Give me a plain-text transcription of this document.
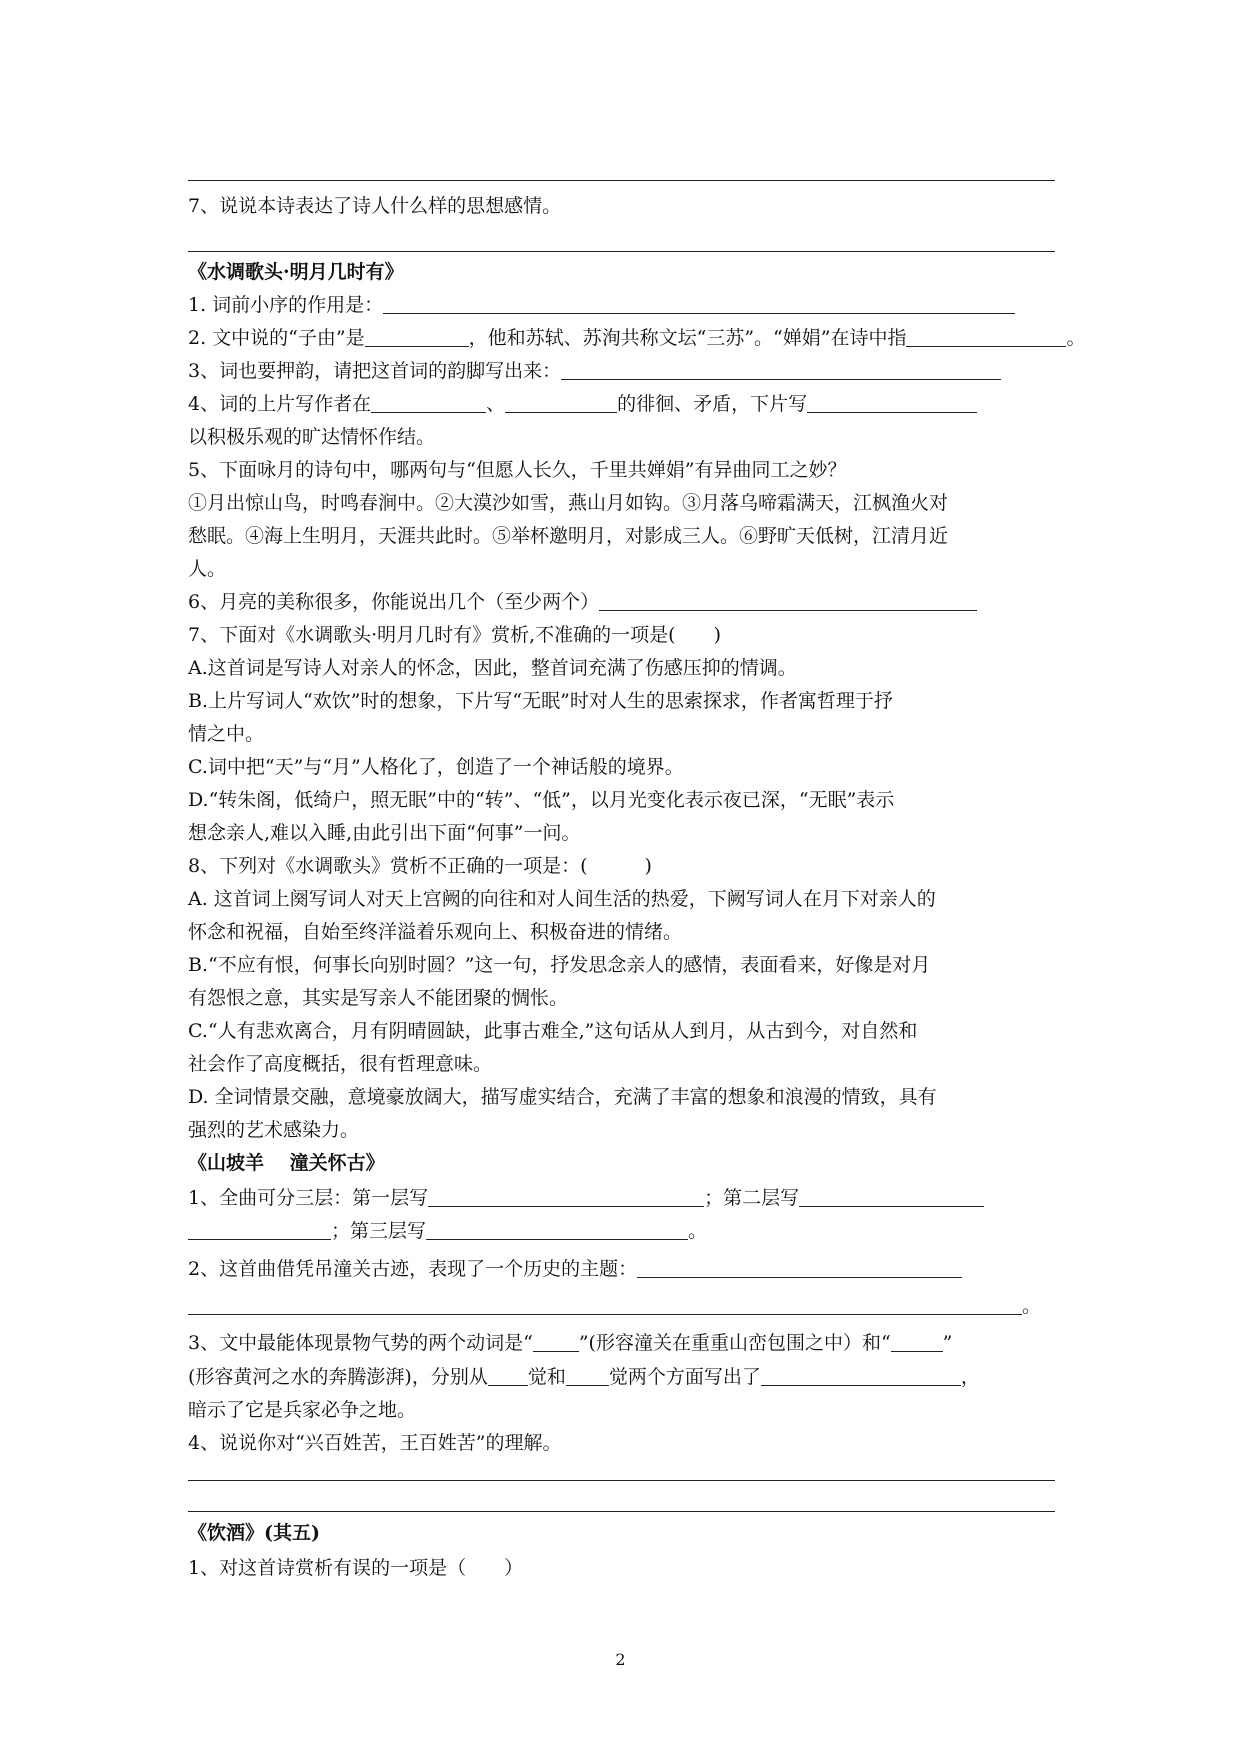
7、说说本诗表达了诗人什么样的思想感情。
《水调歌头·明月几时有》
1. 词前小序的作用是：
2. 文中说的“子由”是	，他和苏轼、苏洵共称文坛“三苏”。“婵娟”在诗中指	。
3、词也要押韵，请把这首词的韵脚写出来：
4、词的上片写作者在	、	的徘徊、矛盾，下片写
以积极乐观的旷达情怀作结。
5、下面咏月的诗句中，哪两句与“但愿人长久，千里共婵娟”有异曲同工之妙？
①月出惊山鸟，时鸣春涧中。②大漠沙如雪，燕山月如钩。③月落乌啼霜满天，江枫渔火对
愁眠。④海上生明月，天涯共此时。⑤举杯邀明月，对影成三人。⑥野旷天低树，江清月近
人。
6、月亮的美称很多，你能说出几个（至少两个）
7、下面对《水调歌头·明月几时有》赏析,不准确的一项是(　　)
A.这首词是写诗人对亲人的怀念，因此，整首词充满了伤感压抑的情调。
B.上片写词人“欢饮”时的想象，下片写“无眠”时对人生的思索探求，作者寓哲理于抒
情之中。
C.词中把“天”与“月”人格化了，创造了一个神话般的境界。
D.“转朱阁，低绮户，照无眠”中的“转”、“低”，以月光变化表示夜已深，“无眠”表示
想念亲人,难以入睡,由此引出下面“何事”一问。
8、下列对《水调歌头》赏析不正确的一项是：(　　　)
A. 这首词上阕写词人对天上宫阙的向往和对人间生活的热爱，下阙写词人在月下对亲人的
怀念和祝福，自始至终洋溢着乐观向上、积极奋进的情绪。
B.“不应有恨，何事长向别时圆？”这一句，抒发思念亲人的感情，表面看来，好像是对月
有怨恨之意，其实是写亲人不能团聚的惆怅。
C.“人有悲欢离合，月有阴晴圆缺，此事古难全,”这句话从人到月，从古到今，对自然和
社会作了高度概括，很有哲理意味。
D. 全词情景交融，意境豪放阔大，描写虚实结合，充满了丰富的想象和浪漫的情致，具有
强烈的艺术感染力。
《山坡羊　 潼关怀古》
1、全曲可分三层：第一层写	；第二层写
；第三层写	。
2、这首曲借凭吊潼关古迹，表现了一个历史的主题：
。
3、文中最能体现景物气势的两个动词是“ ”(形容潼关在重重山峦包围之中）和“	”
(形容黄河之水的奔腾澎湃)，分别从 觉和 觉两个方面写出了	，
暗示了它是兵家必争之地。
4、说说你对“兴百姓苦，王百姓苦”的理解。
《饮酒》(其五)
1、对这首诗赏析有误的一项是（　　）
2
